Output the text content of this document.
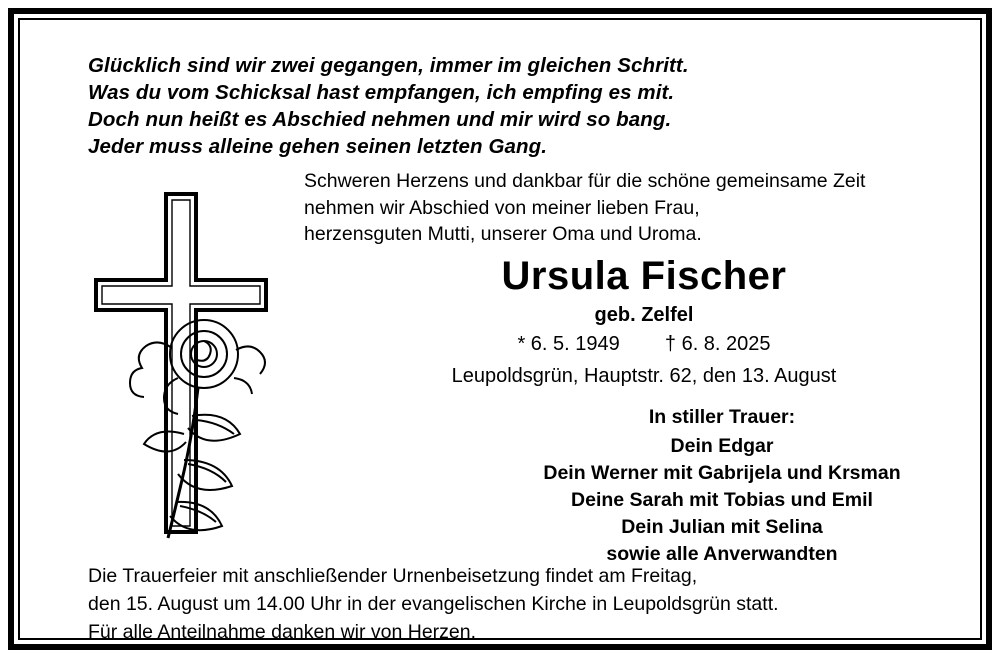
Glücklich sind wir zwei gegangen, immer im gleichen Schritt.
Was du vom Schicksal hast empfangen, ich empfing es mit.
Doch nun heißt es Abschied nehmen und mir wird so bang.
Jeder muss alleine gehen seinen letzten Gang.
Schweren Herzens und dankbar für die schöne gemeinsame Zeit
nehmen wir Abschied von meiner lieben Frau,
herzensguten Mutti, unserer Oma und Uroma.
Ursula Fischer
geb. Zelfel
* 6. 5. 1949 † 6. 8. 2025
Leupoldsgrün, Hauptstr. 62, den 13. August
In stiller Trauer:
Dein Edgar
Dein Werner mit Gabrijela und Krsman
Deine Sarah mit Tobias und Emil
Dein Julian mit Selina
sowie alle Anverwandten
Die Trauerfeier mit anschließender Urnenbeisetzung findet am Freitag,
den 15. August um 14.00 Uhr in der evangelischen Kirche in Leupoldsgrün statt.
Für alle Anteilnahme danken wir von Herzen.
